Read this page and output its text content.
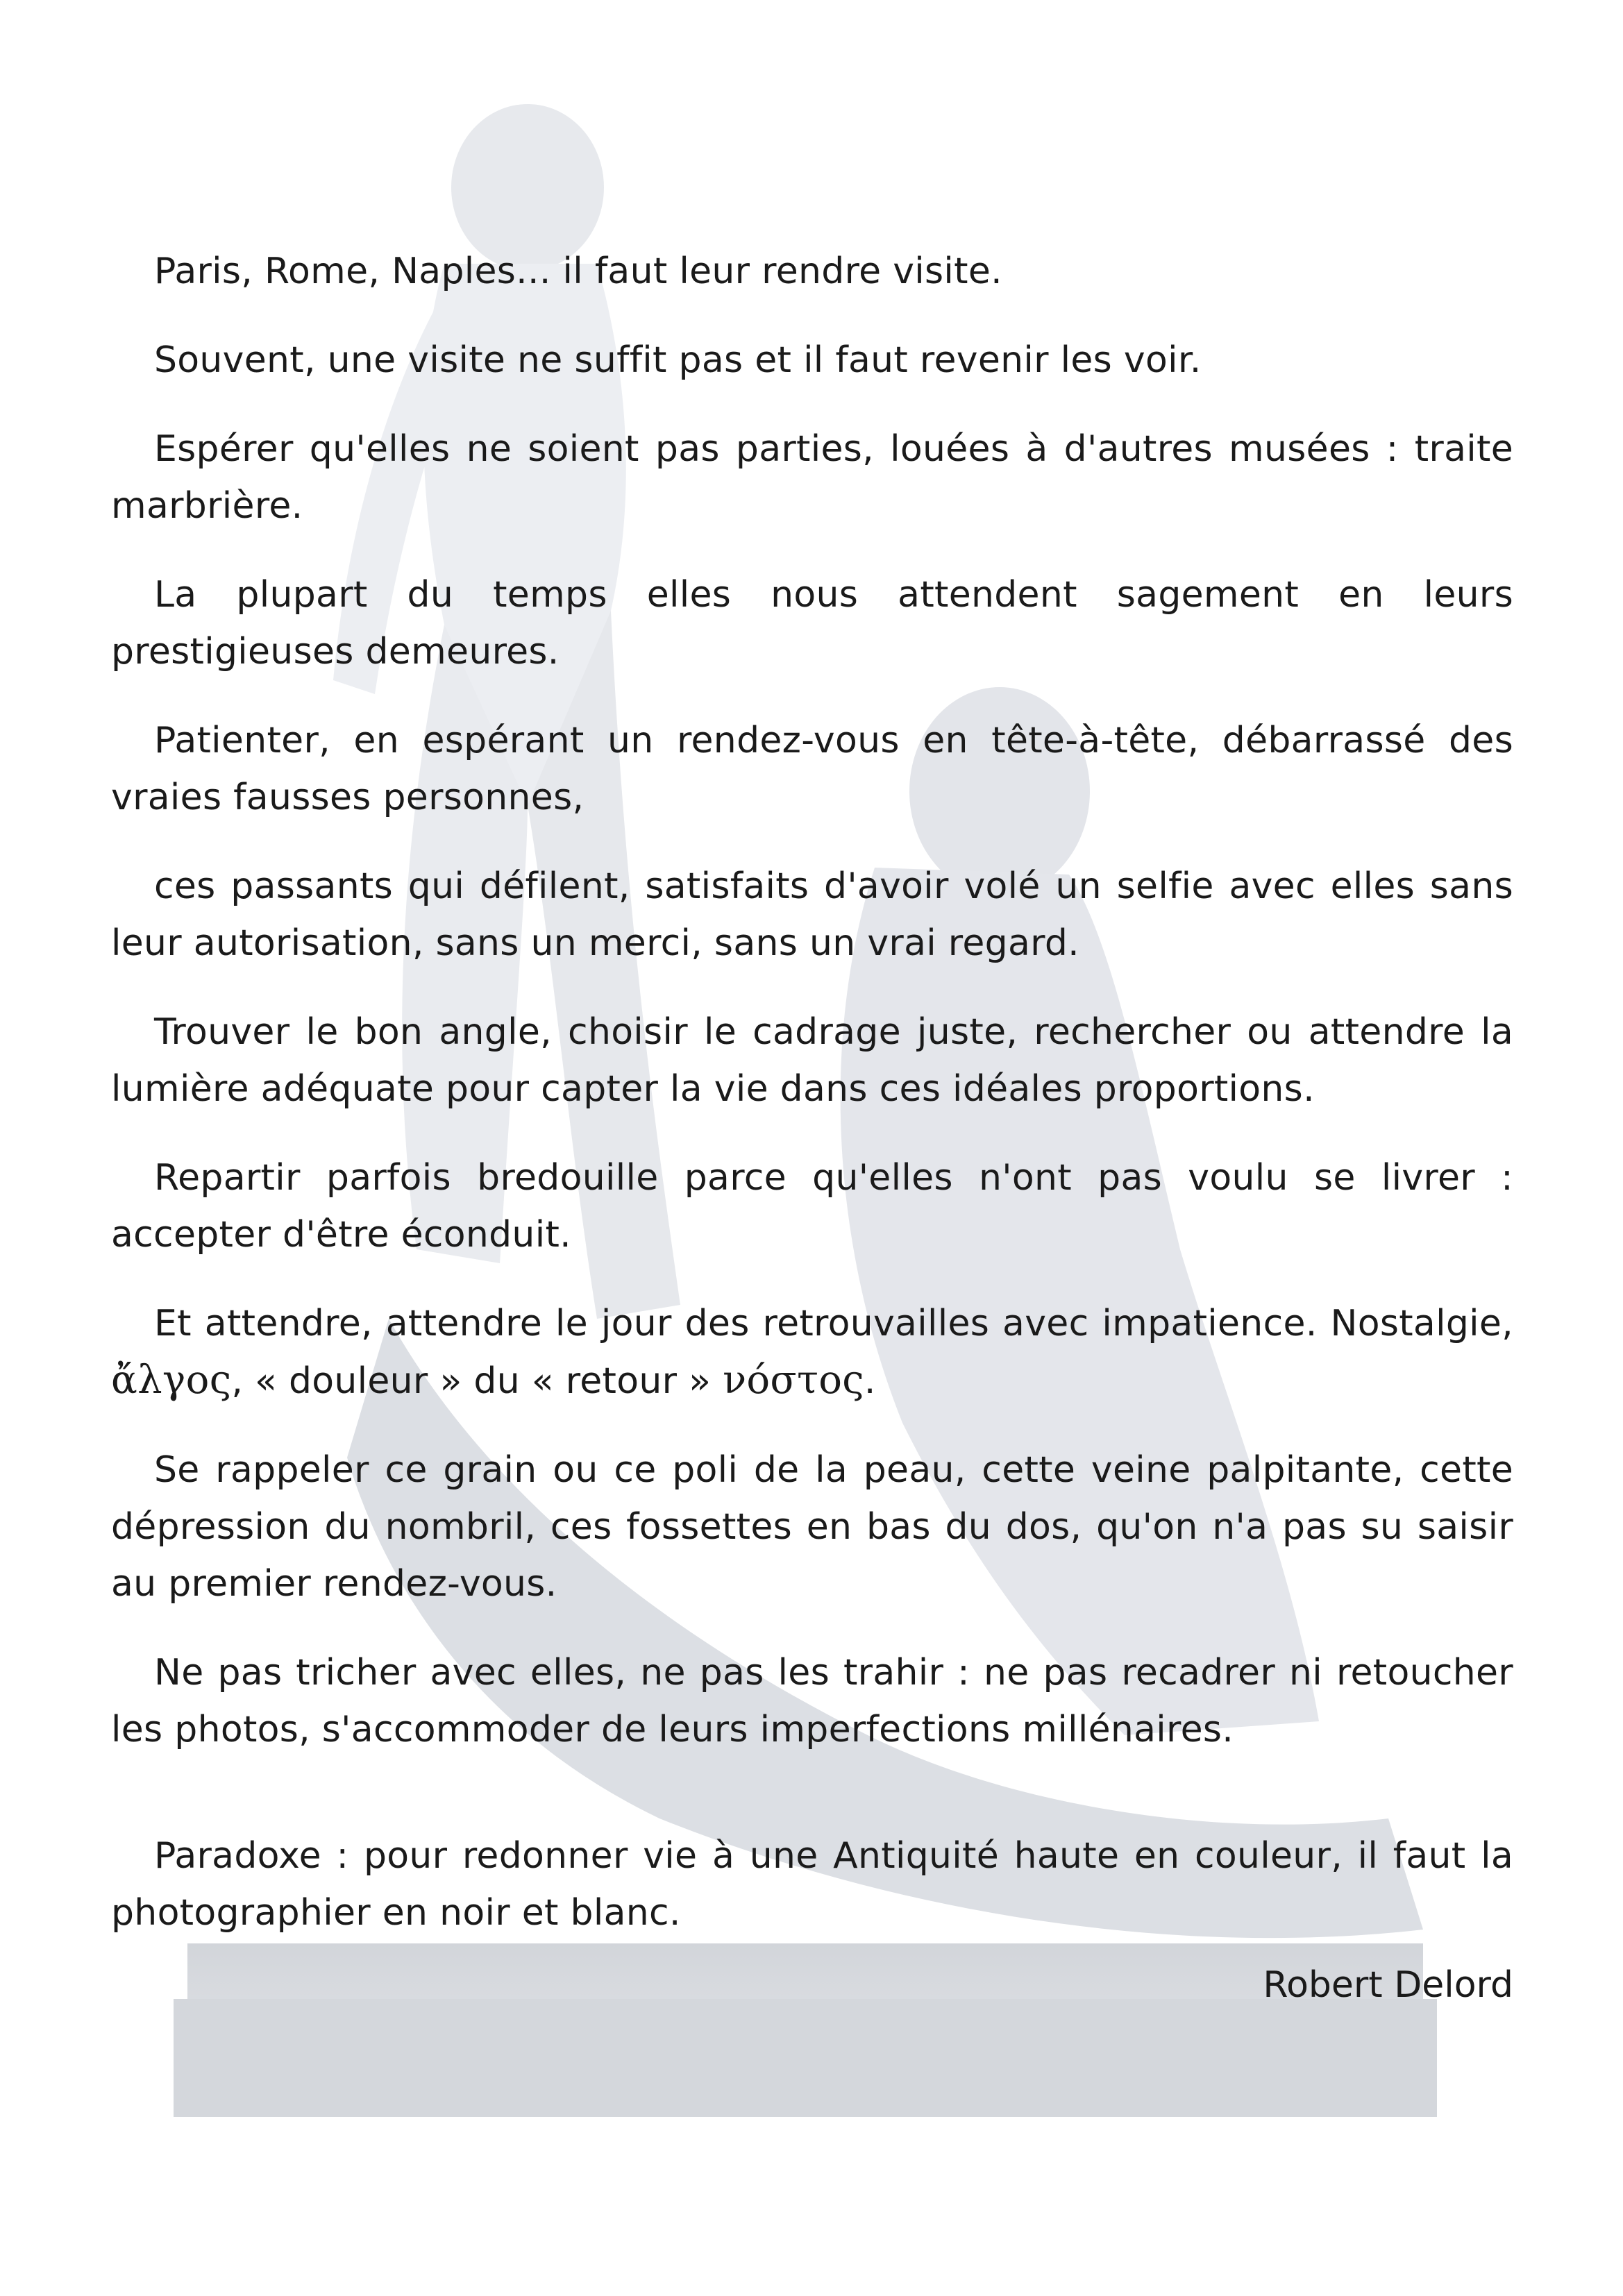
Paris, Rome, Naples... il faut leur rendre visite.

Souvent, une visite ne suffit pas et il faut revenir les voir.

Espérer qu'elles ne soient pas parties, louées à d'autres musées : traite marbrière.

La plupart du temps elles nous attendent sagement en leurs prestigieuses demeures.

Patienter, en espérant un rendez-vous en tête-à-tête, débarrassé des vraies fausses personnes,

ces passants qui défilent, satisfaits d'avoir volé un selfie avec elles sans leur autorisation, sans un merci, sans un vrai regard.

Trouver le bon angle, choisir le cadrage juste, rechercher ou attendre la lumière adéquate pour capter la vie dans ces idéales proportions.

Repartir parfois bredouille parce qu'elles n'ont pas voulu se livrer : accepter d'être éconduit.

Et attendre, attendre le jour des retrouvailles avec impatience. Nostalgie, ἄλγος, « douleur » du « retour » νόστος.

Se rappeler ce grain ou ce poli de la peau, cette veine palpitante, cette dépression du nombril, ces fossettes en bas du dos, qu'on n'a pas su saisir au premier rendez-vous.

Ne pas tricher avec elles, ne pas les trahir : ne pas recadrer ni retoucher les photos, s'accommoder de leurs imperfections millénaires.

Paradoxe : pour redonner vie à une Antiquité haute en couleur, il faut la photographier en noir et blanc.

Robert Delord
